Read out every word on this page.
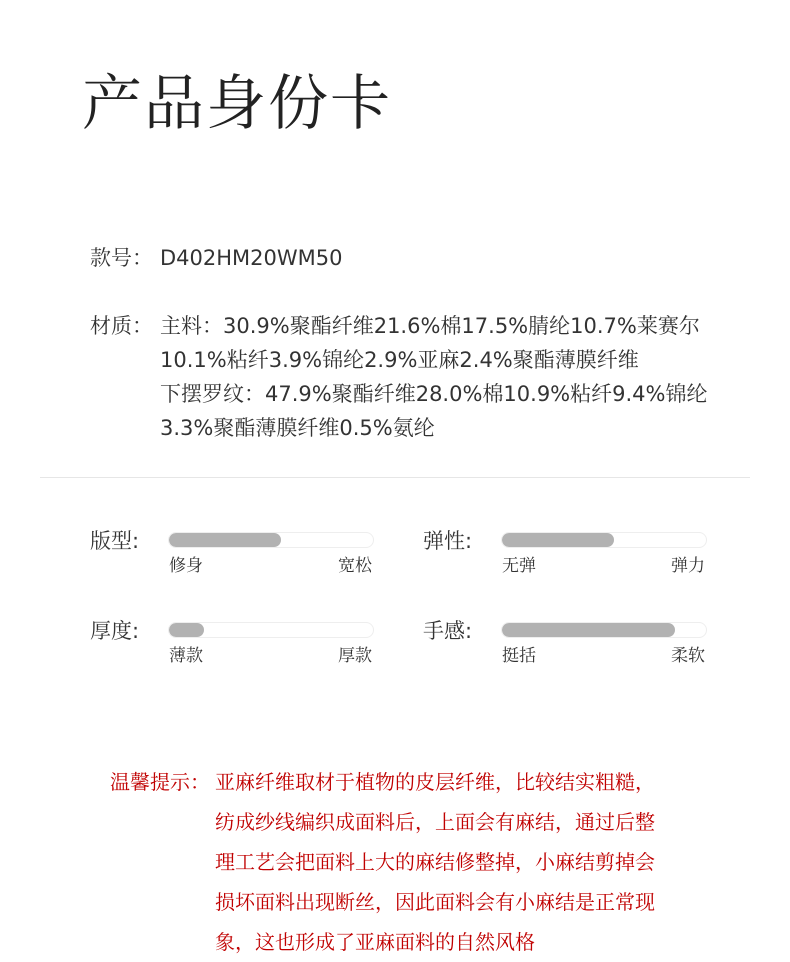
产品身份卡
款号： D402HM20WM50
材质： 主料：30.9%聚酯纤维21.6%棉17.5%腈纶10.7%莱赛尔
10.1%粘纤3.9%锦纶2.9%亚麻2.4%聚酯薄膜纤维
下摆罗纹：47.9%聚酯纤维28.0%棉10.9%粘纤9.4%锦纶
3.3%聚酯薄膜纤维0.5%氨纶
版型:
修身	宽松
弹性:
无弹	弹力
厚度:
薄款	厚款
手感:
挺括	柔软
温馨提示： 亚麻纤维取材于植物的皮层纤维，比较结实粗糙，
纺成纱线编织成面料后，上面会有麻结，通过后整
理工艺会把面料上大的麻结修整掉，小麻结剪掉会
损坏面料出现断丝，因此面料会有小麻结是正常现
象，这也形成了亚麻面料的自然风格
